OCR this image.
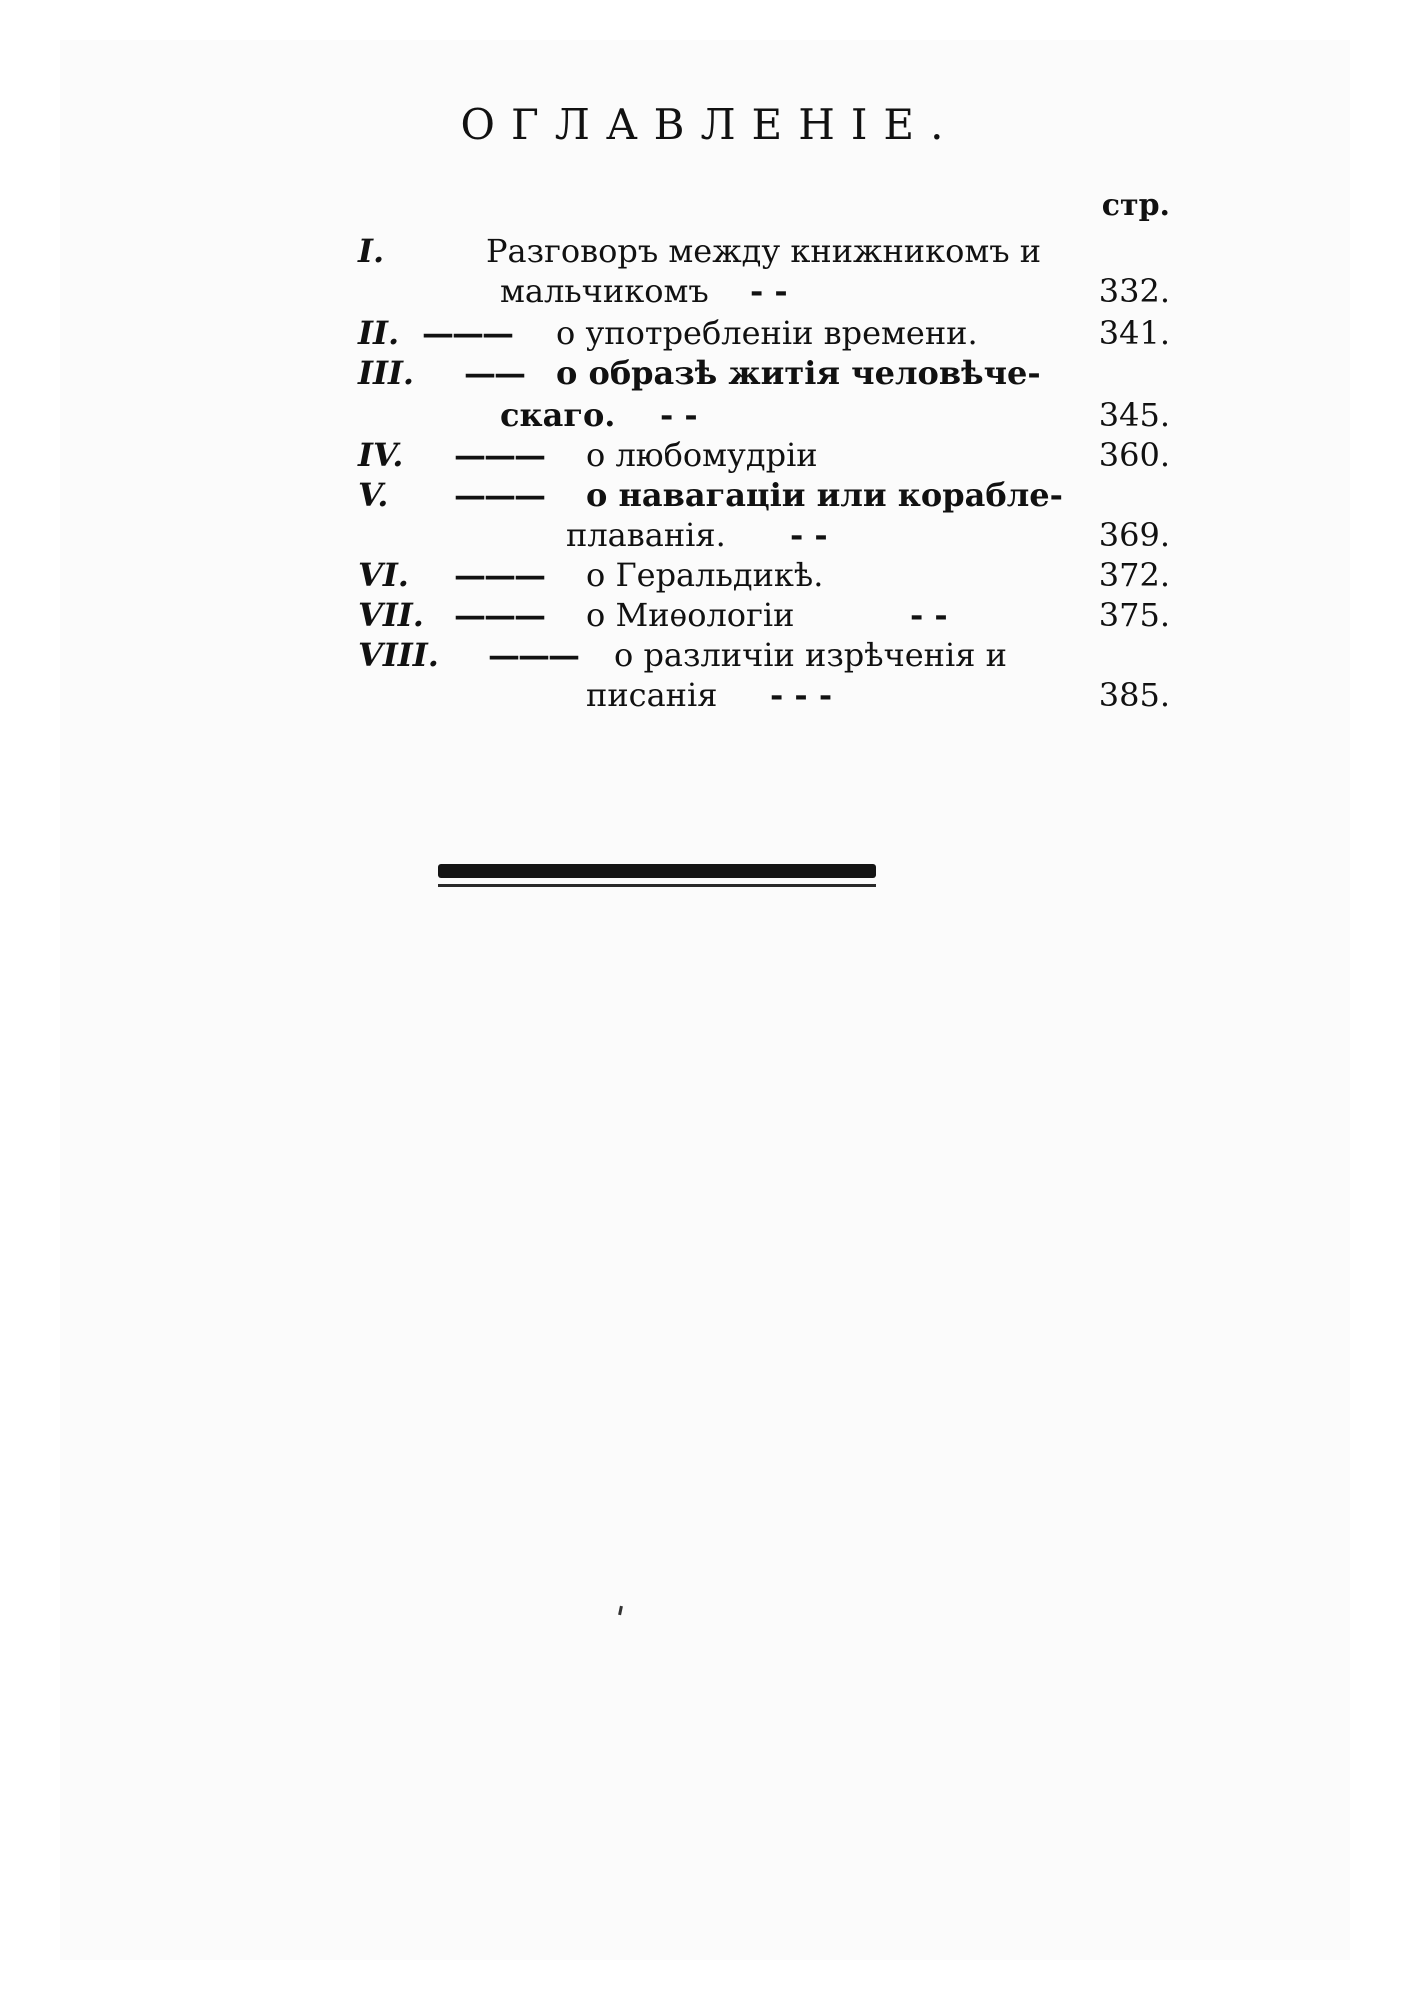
ОГЛАВЛЕНІЕ.
стр.
I.	Разговоръ между книжникомъ и
мальчикомъ - -	332.
II. ——— о употребленіи времени.	341.
III. —— о образѣ житія человѣче-
скаго. - -	345.
IV. ——— о любомудріи	360.
V. ——— о навагаціи или корабле-
плаванія. - -	369.
VI. ——— о Геральдикѣ.	372.
VII. ——— о Миѳологіи	- -	375.
VIII. ——— о различіи изрѣченія и
писанія - - -	385.
